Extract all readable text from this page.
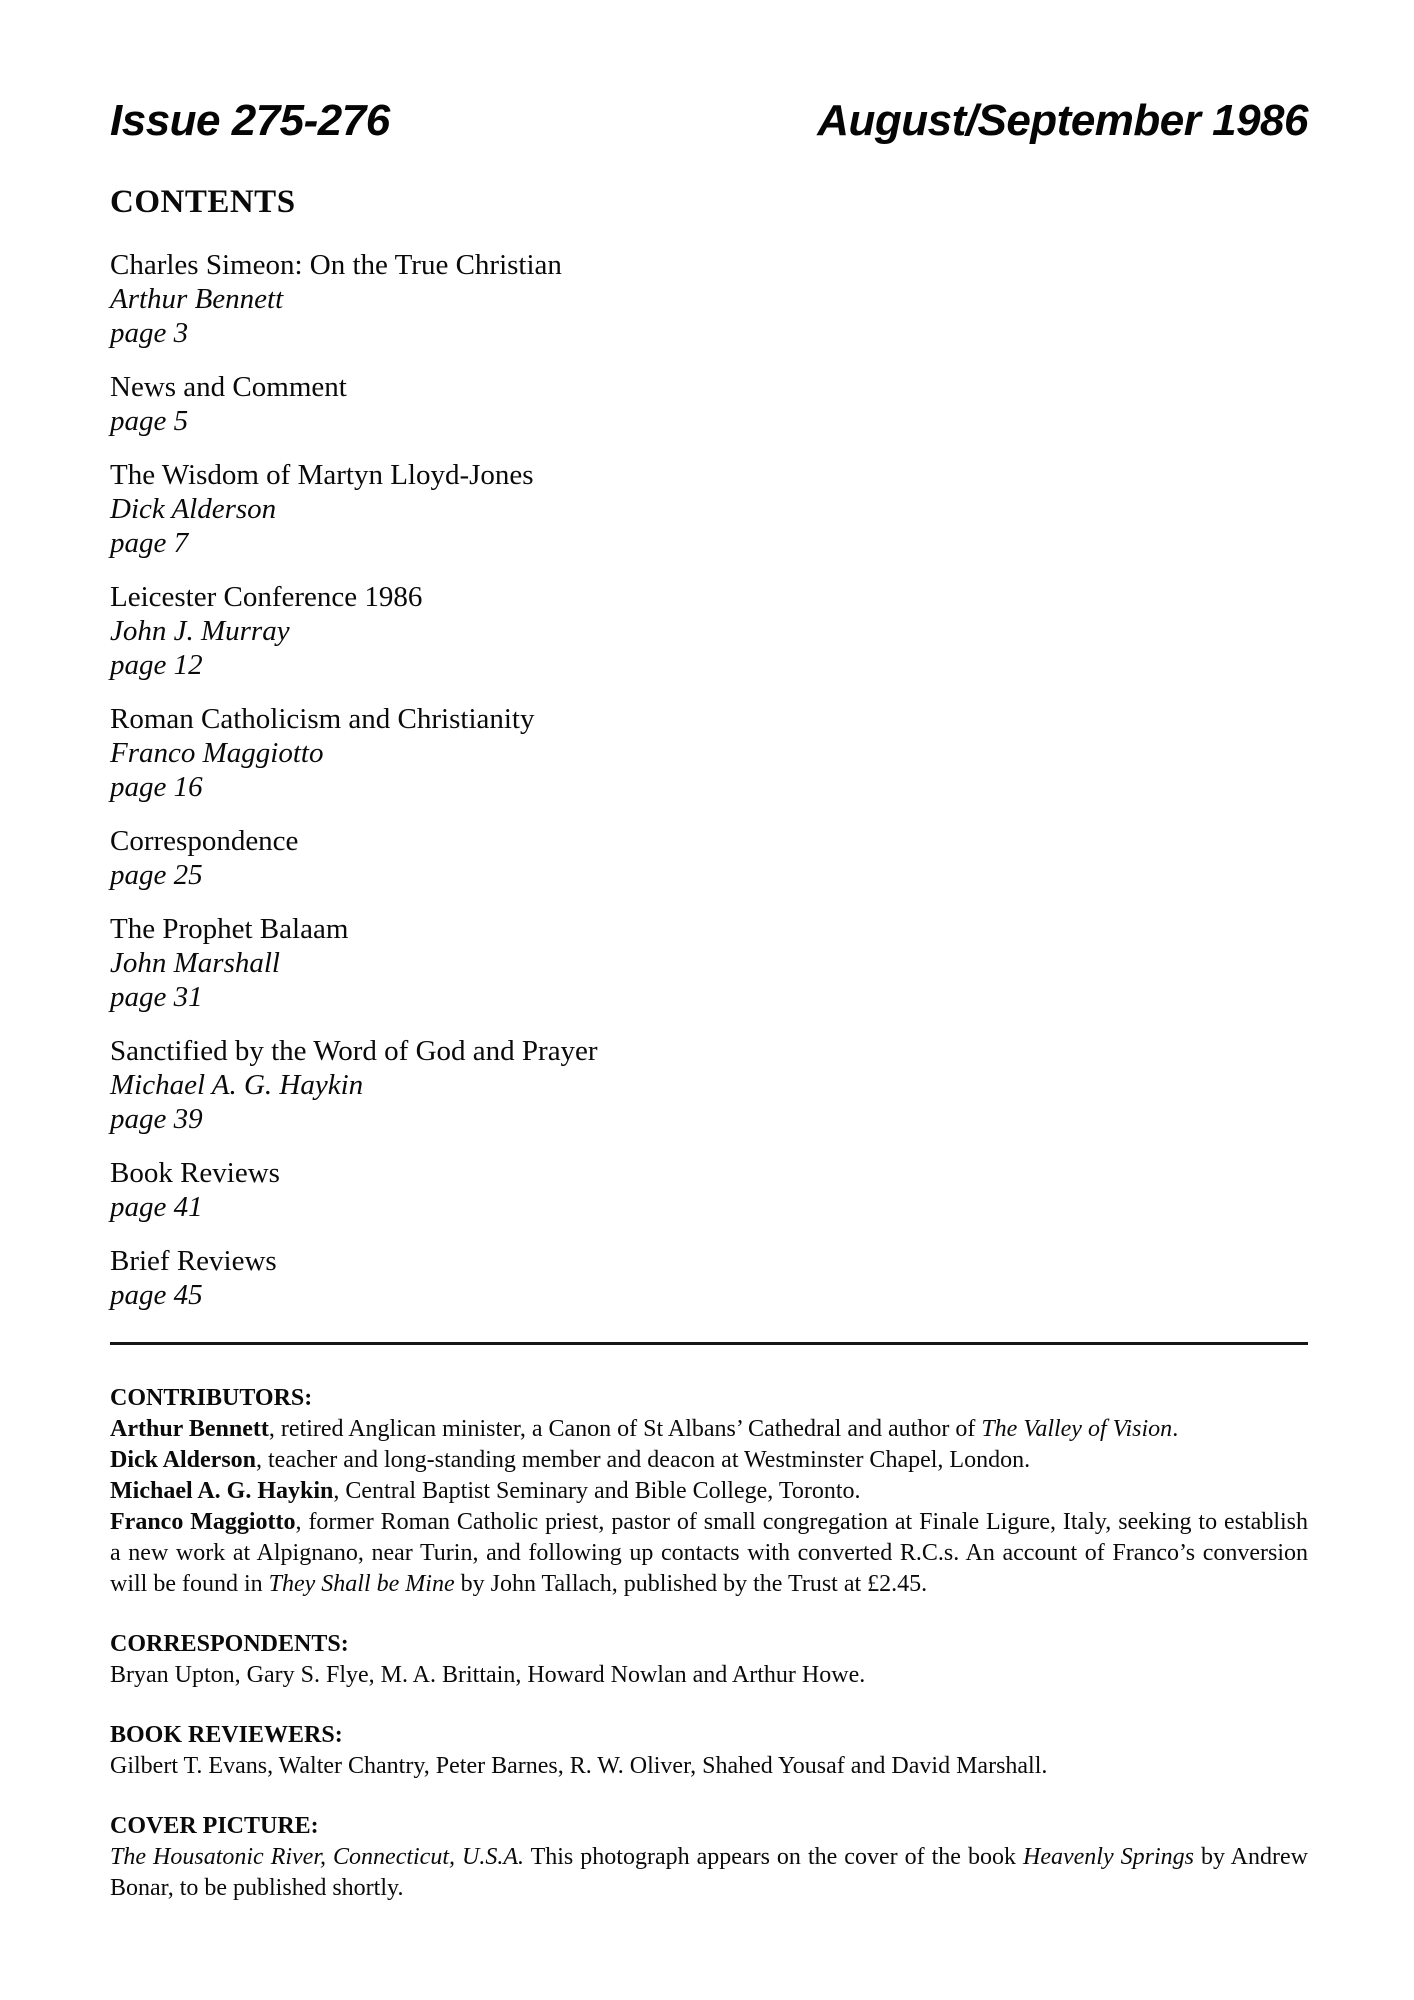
Issue 275-276	August/September 1986
CONTENTS
Charles Simeon: On the True Christian
Arthur Bennett
page 3
News and Comment
page 5
The Wisdom of Martyn Lloyd-Jones
Dick Alderson
page 7
Leicester Conference 1986
John J. Murray
page 12
Roman Catholicism and Christianity
Franco Maggiotto
page 16
Correspondence
page 25
The Prophet Balaam
John Marshall
page 31
Sanctified by the Word of God and Prayer
Michael A. G. Haykin
page 39
Book Reviews
page 41
Brief Reviews
page 45
CONTRIBUTORS:
Arthur Bennett, retired Anglican minister, a Canon of St Albans’ Cathedral and author of The Valley of Vision.
Dick Alderson, teacher and long-standing member and deacon at Westminster Chapel, London.
Michael A. G. Haykin, Central Baptist Seminary and Bible College, Toronto.
Franco Maggiotto, former Roman Catholic priest, pastor of small congregation at Finale Ligure, Italy, seeking to establish a new work at Alpignano, near Turin, and following up contacts with converted R.C.s. An account of Franco’s conversion will be found in They Shall be Mine by John Tallach, published by the Trust at £2.45.
CORRESPONDENTS:
Bryan Upton, Gary S. Flye, M. A. Brittain, Howard Nowlan and Arthur Howe.
BOOK REVIEWERS:
Gilbert T. Evans, Walter Chantry, Peter Barnes, R. W. Oliver, Shahed Yousaf and David Marshall.
COVER PICTURE:
The Housatonic River, Connecticut, U.S.A. This photograph appears on the cover of the book Heavenly Springs by Andrew Bonar, to be published shortly.
